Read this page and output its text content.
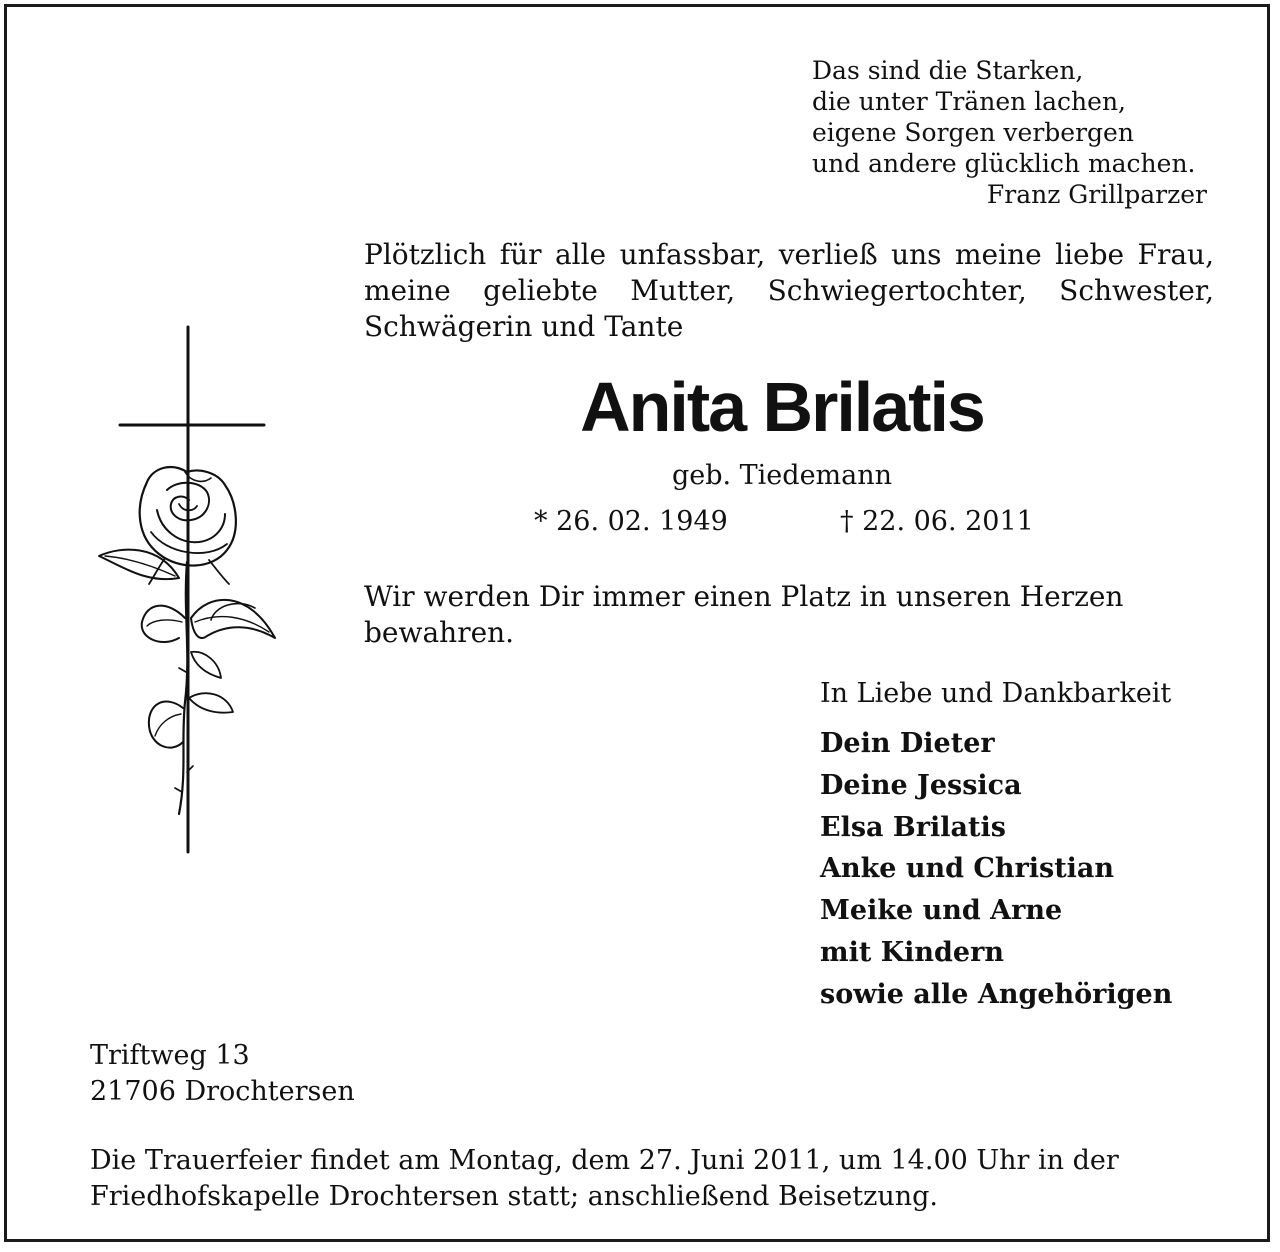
Das sind die Starken,
die unter Tränen lachen,
eigene Sorgen verbergen
und andere glücklich machen.
Franz Grillparzer
Plötzlich für alle unfassbar, verließ uns meine liebe Frau,
meine geliebte Mutter, Schwiegertochter, Schwester,
Schwägerin und Tante
Anita Brilatis
geb. Tiedemann
* 26. 02. 1949	† 22. 06. 2011
Wir werden Dir immer einen Platz in unseren Herzen
bewahren.
In Liebe und Dankbarkeit
Dein Dieter
Deine Jessica
Elsa Brilatis
Anke und Christian
Meike und Arne
mit Kindern
sowie alle Angehörigen
Triftweg 13
21706 Drochtersen
Die Trauerfeier findet am Montag, dem 27. Juni 2011, um 14.00 Uhr in der
Friedhofskapelle Drochtersen statt; anschließend Beisetzung.
